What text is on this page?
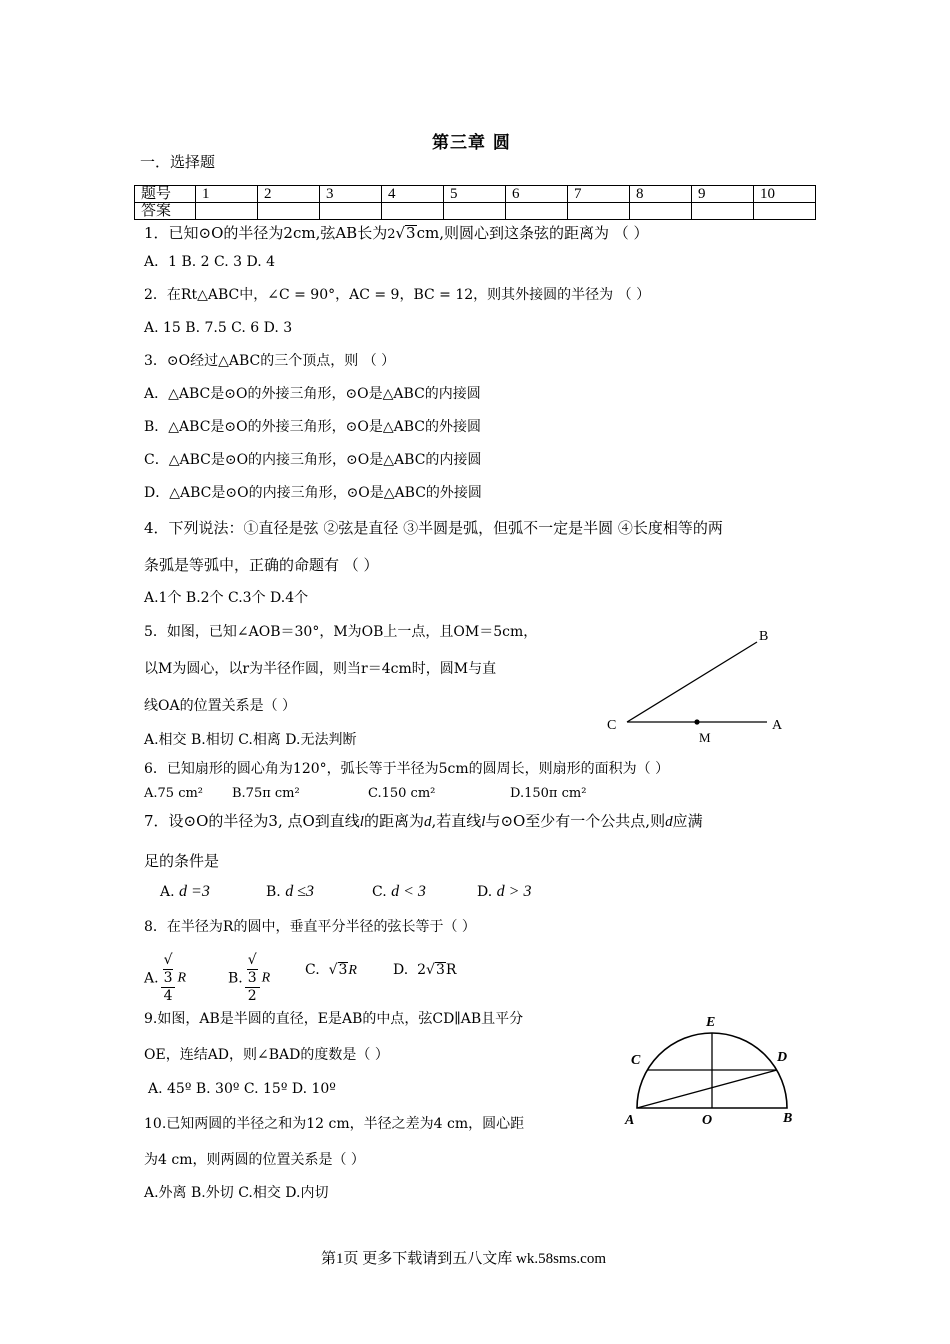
第三章 圆
一．选择题
题号	1	2	3	4	5	6	7	8	9	10
答案										
1．已知⊙O的半径为2cm,弦AB长为2√3cm,则圆心到这条弦的距离为 （ ）
A．1 B. 2 C. 3 D. 4
2．在Rt△ABC中，∠C = 90°，AC = 9，BC = 12，则其外接圆的半径为 （ ）
A. 15 B. 7.5 C. 6 D. 3
3．⊙O经过△ABC的三个顶点，则 （ ）
A．△ABC是⊙O的外接三角形，⊙O是△ABC的内接圆
B．△ABC是⊙O的外接三角形，⊙O是△ABC的外接圆
C．△ABC是⊙O的内接三角形，⊙O是△ABC的内接圆
D．△ABC是⊙O的内接三角形，⊙O是△ABC的外接圆
4．下列说法：①直径是弦 ②弦是直径 ③半圆是弧，但弧不一定是半圆 ④长度相等的两
条弧是等弧中，正确的命题有 （ ）
A.1个 B.2个 C.3个 D.4个
5．如图，已知∠AOB＝30°，M为OB上一点，且OM＝5cm，
以M为圆心，以r为半径作圆，则当r＝4cm时，圆M与直
线OA的位置关系是（ ）
A.相交 B.相切 C.相离 D.无法判断
B
C	A
M
6．已知扇形的圆心角为120°，弧长等于半径为5cm的圆周长，则扇形的面积为（ ）
A.75 cm² B.75π cm²	C.150 cm²	D.150π cm²
7．设⊙O的半径为3, 点O到直线l的距离为d,若直线l与⊙O至少有一个公共点,则d应满
足的条件是
A. d =3	B. d ≤3	C. d < 3	D. d > 3
8．在半径为R的圆中，垂直平分半径的弦长等于（ ）
A. √
3
4 R	B. √
3
2 R C.  √3R	D. 2√3R
9.如图，AB是半圆的直径，E是AB的中点，弦CD∥AB且平分
OE，连结AD，则∠BAD的度数是（ ）
A. 45º B. 30º C. 15º D. 10º
E
C	D
A	O	B
10.已知两圆的半径之和为12 cm，半径之差为4 cm，圆心距
为4 cm，则两圆的位置关系是（ ）
A.外离 B.外切 C.相交 D.内切
第1页 更多下载请到五八文库 wk.58sms.com
